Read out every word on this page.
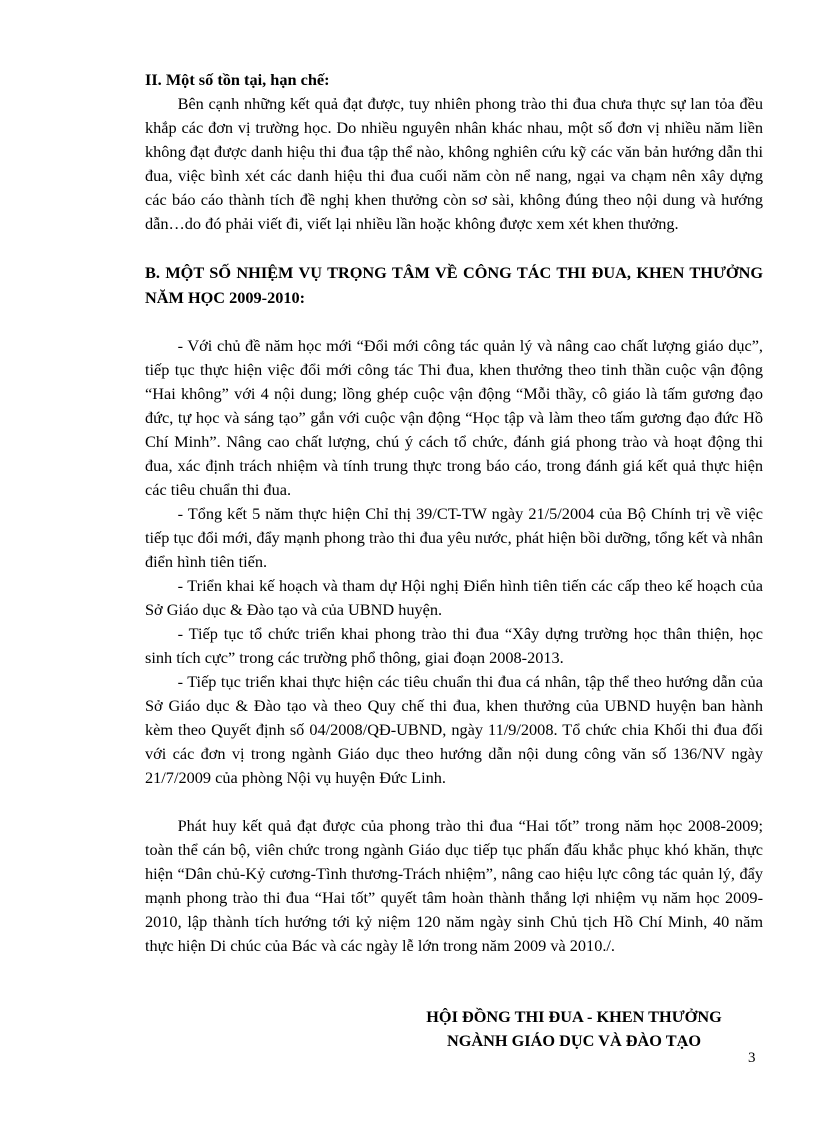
II. Một số tồn tại, hạn chế:

Bên cạnh những kết quả đạt được, tuy nhiên phong trào thi đua chưa thực sự lan tỏa đều khắp các đơn vị trường học. Do nhiều nguyên nhân khác nhau, một số đơn vị nhiều năm liền không đạt được danh hiệu thi đua tập thể nào, không nghiên cứu kỹ các văn bản hướng dẫn thi đua, việc bình xét các danh hiệu thi đua cuối năm còn nể nang, ngại va chạm nên xây dựng các báo cáo thành tích đề nghị khen thưởng còn sơ sài, không đúng theo nội dung và hướng dẫn…do đó phải viết đi, viết lại nhiều lần hoặc không được xem xét khen thưởng.

B. MỘT SỐ NHIỆM VỤ TRỌNG TÂM VỀ CÔNG TÁC THI ĐUA, KHEN THƯỞNG NĂM HỌC 2009-2010:

- Với chủ đề năm học mới “Đổi mới công tác quản lý và nâng cao chất lượng giáo dục”, tiếp tục thực hiện việc đổi mới công tác Thi đua, khen thưởng theo tinh thần cuộc vận động “Hai không” với 4 nội dung; lồng ghép cuộc vận động “Mỗi thầy, cô giáo là tấm gương đạo đức, tự học và sáng tạo” gắn với cuộc vận động “Học tập và làm theo tấm gương đạo đức Hồ Chí Minh”. Nâng cao chất lượng, chú ý cách tổ chức, đánh giá phong trào và hoạt động thi đua, xác định trách nhiệm và tính trung thực trong báo cáo, trong đánh giá kết quả thực hiện các tiêu chuẩn thi đua.

- Tổng kết 5 năm thực hiện Chỉ thị 39/CT-TW ngày 21/5/2004 của Bộ Chính trị về việc tiếp tục đổi mới, đẩy mạnh phong trào thi đua yêu nước, phát hiện bồi dưỡng, tổng kết và nhân điển hình tiên tiến.

- Triển khai kế hoạch và tham dự Hội nghị Điển hình tiên tiến các cấp theo kế hoạch của Sở Giáo dục & Đào tạo và của UBND huyện.

- Tiếp tục tổ chức triển khai phong trào thi đua “Xây dựng trường học thân thiện, học sinh tích cực” trong các trường phổ thông, giai đoạn 2008-2013.

- Tiếp tục triển khai thực hiện các tiêu chuẩn thi đua cá nhân, tập thể theo hướng dẫn của Sở Giáo dục & Đào tạo và theo Quy chế thi đua, khen thưởng của UBND huyện ban hành kèm theo Quyết định số 04/2008/QĐ-UBND, ngày 11/9/2008. Tổ chức chia Khối thi đua đối với các đơn vị trong ngành Giáo dục theo hướng dẫn nội dung công văn số 136/NV ngày 21/7/2009 của phòng Nội vụ huyện Đức Linh.

Phát huy kết quả đạt được của phong trào thi đua “Hai tốt” trong năm học 2008-2009; toàn thể cán bộ, viên chức trong ngành Giáo dục tiếp tục phấn đấu khắc phục khó khăn, thực hiện “Dân chủ-Kỷ cương-Tình thương-Trách nhiệm”, nâng cao hiệu lực công tác quản lý, đẩy mạnh phong trào thi đua “Hai tốt” quyết tâm hoàn thành thắng lợi nhiệm vụ năm học 2009-2010, lập thành tích hướng tới kỷ niệm 120 năm ngày sinh Chủ tịch Hồ Chí Minh, 40 năm thực hiện Di chúc của Bác và các ngày lễ lớn trong năm 2009 và 2010./.

HỘI ĐỒNG THI ĐUA - KHEN THƯỞNG
NGÀNH GIÁO DỤC VÀ ĐÀO TẠO
3
